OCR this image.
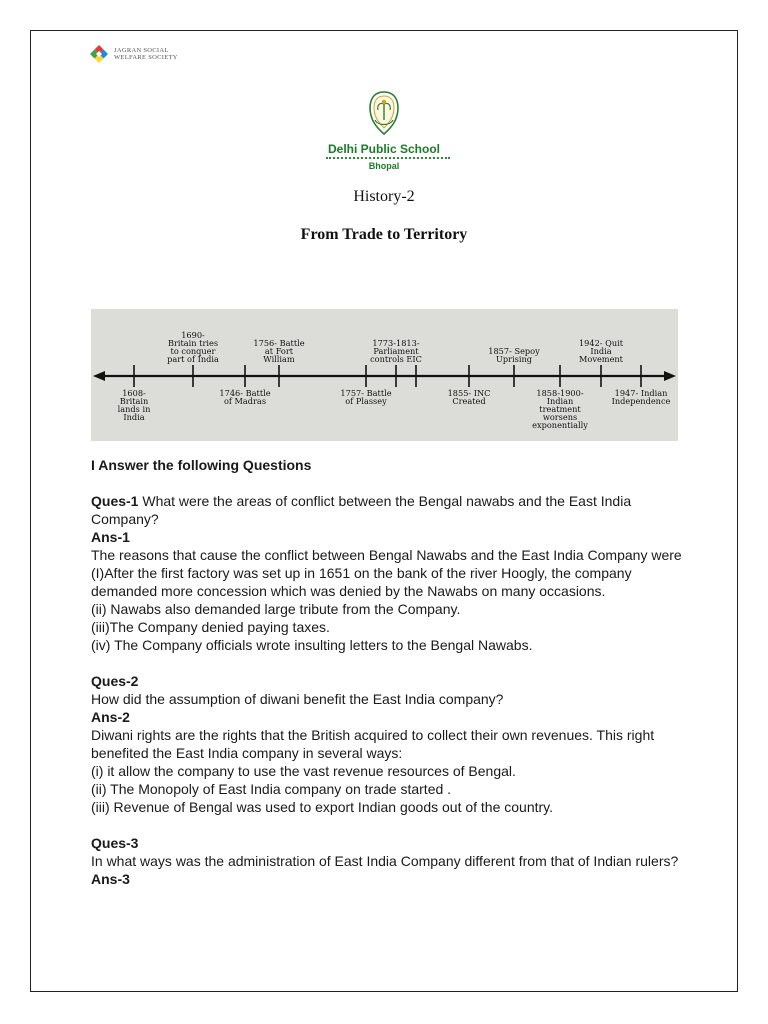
JAGRAN SOCIAL
WELFARE SOCIETY
Delhi Public School
Bhopal
History-2
From Trade to Territory
1690-
Britain tries
to conquer
part of India
1756- Battle
at Fort
William
1773-1813-
Parliament
controls EIC
1857- Sepoy
Uprising
1942- Quit
India
Movement
1608-
Britain
lands in
India
1746- Battle
of Madras
1757- Battle
of Plassey
1855- INC
Created
1858-1900-
Indian
treatment
worsens
exponentially
1947- Indian
Independence

I Answer the following Questions

Ques-1 What were the areas of conflict between the Bengal nawabs and the East India Company?

Ans-1

The reasons that cause the conflict between Bengal Nawabs and the East India Company were

(I)After the first factory was set up in 1651 on the bank of the river Hoogly, the company demanded more concession which was denied by the Nawabs on many occasions.

(ii) Nawabs also demanded large tribute from the Company.

(iii)The Company denied paying taxes.

(iv) The Company officials wrote insulting letters to the Bengal Nawabs.

Ques-2

How did the assumption of diwani benefit the East India company?

Ans-2

Diwani rights are the rights that the British acquired to collect their own revenues. This right benefited the East India company in several ways:

(i) it allow the company to use the vast revenue resources of Bengal.

(ii) The Monopoly of East India company on trade started .

(iii) Revenue of Bengal was used to export Indian goods out of the country.

Ques-3

In what ways was the administration of East India Company different from that of Indian rulers?

Ans-3
